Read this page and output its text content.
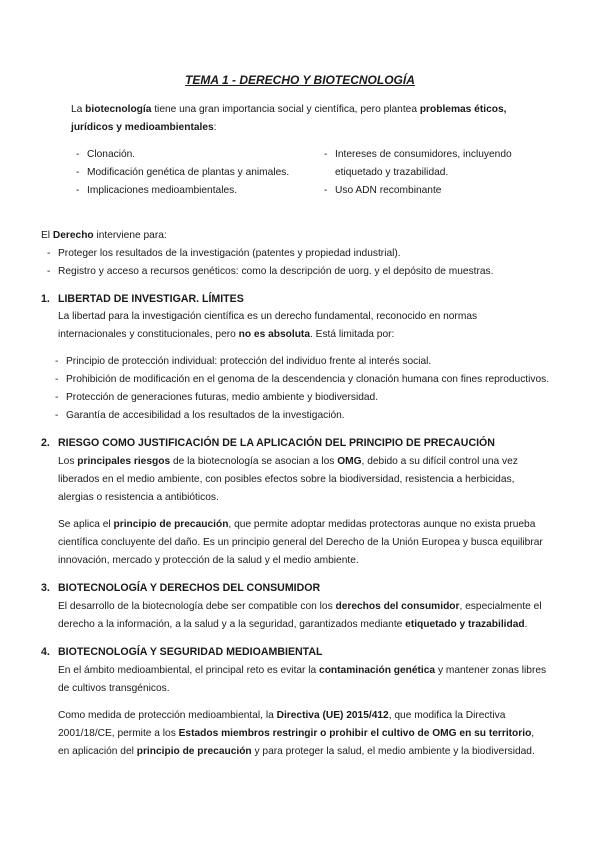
TEMA 1 - DERECHO Y BIOTECNOLOGÍA

La biotecnología tiene una gran importancia social y científica, pero plantea problemas éticos, jurídicos y medioambientales:

- Clonación.
- Modificación genética de plantas y animales.
- Implicaciones medioambientales.
- Intereses de consumidores, incluyendo etiquetado y trazabilidad.
- Uso ADN recombinante

El Derecho interviene para:

- Proteger los resultados de la investigación (patentes y propiedad industrial).
- Registro y acceso a recursos genéticos: como la descripción de uorg. y el depósito de muestras.
1. LIBERTAD DE INVESTIGAR. LÍMITES

La libertad para la investigación científica es un derecho fundamental, reconocido en normas internacionales y constitucionales, pero no es absoluta. Está limitada por:

- Principio de protección individual: protección del individuo frente al interés social.
- Prohibición de modificación en el genoma de la descendencia y clonación humana con fines reproductivos.
- Protección de generaciones futuras, medio ambiente y biodiversidad.
- Garantía de accesibilidad a los resultados de la investigación.
2. RIESGO COMO JUSTIFICACIÓN DE LA APLICACIÓN DEL PRINCIPIO DE PRECAUCIÓN

Los principales riesgos de la biotecnología se asocian a los OMG, debido a su difícil control una vez liberados en el medio ambiente, con posibles efectos sobre la biodiversidad, resistencia a herbicidas, alergias o resistencia a antibióticos.

Se aplica el principio de precaución, que permite adoptar medidas protectoras aunque no exista prueba científica concluyente del daño. Es un principio general del Derecho de la Unión Europea y busca equilibrar innovación, mercado y protección de la salud y el medio ambiente.

3. BIOTECNOLOGÍA Y DERECHOS DEL CONSUMIDOR

El desarrollo de la biotecnología debe ser compatible con los derechos del consumidor, especialmente el derecho a la información, a la salud y a la seguridad, garantizados mediante etiquetado y trazabilidad.

4. BIOTECNOLOGÍA Y SEGURIDAD MEDIOAMBIENTAL

En el ámbito medioambiental, el principal reto es evitar la contaminación genética y mantener zonas libres de cultivos transgénicos.

Como medida de protección medioambiental, la Directiva (UE) 2015/412, que modifica la Directiva 2001/18/CE, permite a los Estados miembros restringir o prohibir el cultivo de OMG en su territorio, en aplicación del principio de precaución y para proteger la salud, el medio ambiente y la biodiversidad.
